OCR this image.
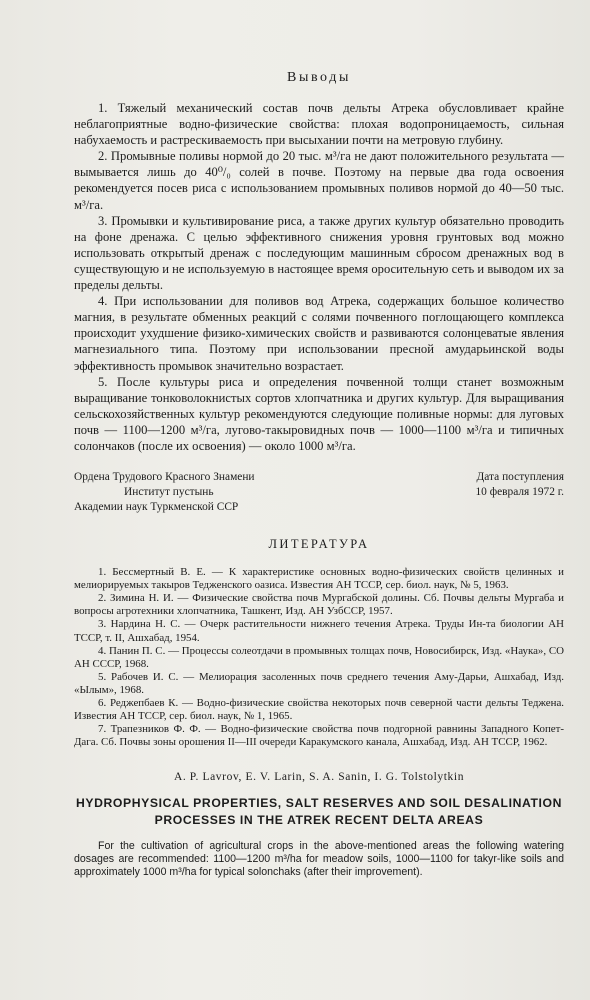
Выводы

1. Тяжелый механический состав почв дельты Атрека обусловливает крайне неблагоприятные водно-физические свойства: плохая водопроницаемость, сильная набухаемость и растрескиваемость при высыхании почти на метровую глубину.

2. Промывные поливы нормой до 20 тыс. м³/га не дают положительного результата — вымывается лишь до 40⁰/₀ солей в почве. Поэтому на первые два года освоения рекомендуется посев риса с использованием промывных поливов нормой до 40—50 тыс. м³/га.

3. Промывки и культивирование риса, а также других культур обязательно проводить на фоне дренажа. С целью эффективного снижения уровня грунтовых вод можно использовать открытый дренаж с последующим машинным сбросом дренажных вод в существующую и не используемую в настоящее время оросительную сеть и выводом их за пределы дельты.

4. При использовании для поливов вод Атрека, содержащих большое количество магния, в результате обменных реакций с солями почвенного поглощающего комплекса происходит ухудшение физико-химических свойств и развиваются солонцеватые явления магнезиального типа. Поэтому при использовании пресной амударьинской воды эффективность промывок значительно возрастает.

5. После культуры риса и определения почвенной толщи станет возможным выращивание тонковолокнистых сортов хлопчатника и других культур. Для выращивания сельскохозяйственных культур рекомендуются следующие поливные нормы: для луговых почв — 1100—1200 м³/га, лугово-такыровидных почв — 1000—1100 м³/га и типичных солончаков (после их освоения) — около 1000 м³/га.

Ордена Трудового Красного Знамени
Институт пустынь
Академии наук Туркменской ССР
Дата поступления
10 февраля 1972 г.
ЛИТЕРАТУРА

1. Бессмертный В. Е. — К характеристике основных водно-физических свойств целинных и мелиорируемых такыров Теджeнского оазиса. Известия АН ТССР, сер. биол. наук, № 5, 1963.

2. Зимина Н. И. — Физические свойства почв Мургабской долины. Сб. Почвы дельты Мургаба и вопросы агротехники хлопчатника, Ташкент, Изд. АН УзбССР, 1957.

3. Нардина Н. С. — Очерк растительности нижнего течения Атрека. Труды Ин-та биологии АН ТССР, т. II, Ашхабад, 1954.

4. Панин П. С. — Процессы солеотдачи в промывных толщах почв, Новосибирск, Изд. «Наука», СО АН СССР, 1968.

5. Рабочев И. С. — Мелиорация засоленных почв среднего течения Аму-Дарьи, Ашхабад, Изд. «Ылым», 1968.

6. Реджепбаев К. — Водно-физические свойства некоторых почв северной части дельты Теджена. Известия АН ТССР, сер. биол. наук, № 1, 1965.

7. Трапезников Ф. Ф. — Водно-физические свойства почв подгорной равнины Западного Копет-Дага. Сб. Почвы зоны орошения II—III очереди Каракумского канала, Ашхабад, Изд. АН ТССР, 1962.

A. P. Lavrov, E. V. Larin, S. A. Sanin, I. G. Tolstolytkin
HYDROPHYSICAL PROPERTIES, SALT RESERVES AND SOIL DESALINATION PROCESSES IN THE ATREK RECENT DELTA AREAS
For the cultivation of agricultural crops in the above-mentioned areas the following watering dosages are recommended: 1100—1200 m³/ha for meadow soils, 1000—1100 for takyr-like soils and approximately 1000 m³/ha for typical solonchaks (after their improvement).
